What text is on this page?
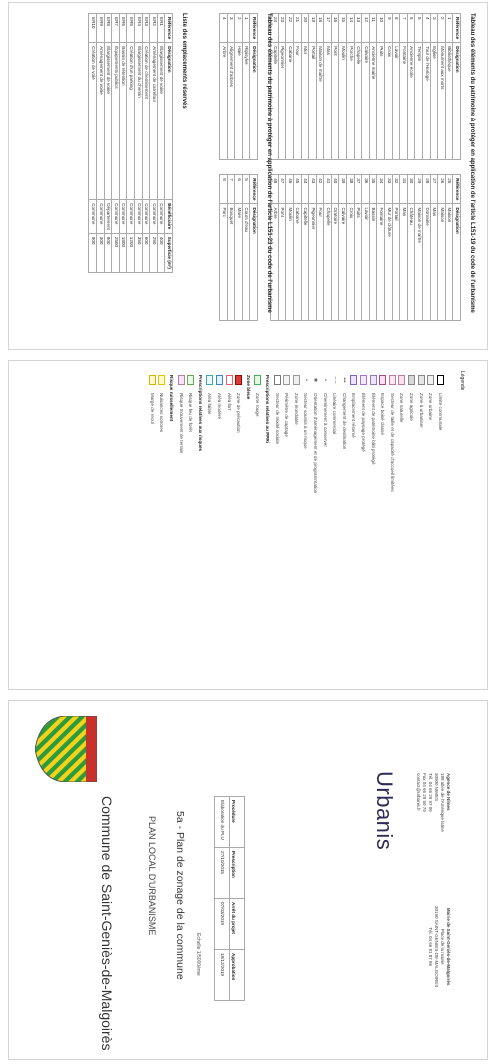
Tableau des éléments du patrimoine à protéger en application de l'article L151-19 du code de l'urbanisme
Référence	Désignation
1	Bibliothèque
2	Monument aux morts
3	Eglise
4	Tour de l'Horloge
5	Temple
6	Ancienne école
7	Fontaine
8	Lavoir
9	Croix
10	Puits
11	Ancienne mairie
12	Calvaire
13	Chapelle
14	Porche
15	Moulin
16	Pont
17	Mas
18	Maison de maître
19	Portail
20	Mur
21	Four
22	Cabane
23	Pigeonnier
24	Capitelle
Référence	Désignation
25	Maison
26	Maison
27	Mas
28	Domaine
29	Maison de maître
30	Château
31	Mas
32	Portail
33	Mur de clôture
34	Fontaine
35	Bassin
36	Lavoir
37	Puits
38	Croix
39	Calvaire
40	Oratoire
41	Chapelle
42	Four
43	Pigeonnier
44	Capitelle
45	Cabane
46	Moulin
47	Pont
48	Arbre
Tableau des éléments du patrimoine à protéger en application de l'article L151-23 du code de l'urbanisme
Référence	Désignation
1	Ripisylve
2	Haie
3	Alignement d'arbres
4	Arbre
Référence	Désignation
5	Cours d'eau
6	Mare
7	Bosquet
8	Parc
Liste des emplacements réservés
Référence	Désignation	Bénéficiaire	Superficie (m²)
ER1	Élargissement de voirie	Commune	400
ER2	Aménagement de carrefour	Commune	250
ER3	Création de cheminement	Commune	600
ER4	Élargissement du chemin	Commune	350
ER5	Création d'un parking	Commune	1200
ER6	Bassin de rétention	Commune	1800
ER7	Équipements publics	Commune	2500
ER8	Élargissement de voirie	Département	800
ER9	Aménagement de voirie	Commune	300
ER10	Création de voie	Commune	900
Légende
Limite communale
Zone urbaine
Zone à urbaniser
Zone agricole
Zone naturelle
Secteur de taille et de capacité d'accueil limitées
Espace boisé classé
Élément de patrimoine bâti protégé
Élément de paysage protégé
Emplacement réservé
•••
Changement de destination
– –
Linéaire commercial
•
Cheminement à conserver
✱
Orientation d'aménagement et de programmation
•
Secteur soumis à un risque
Zone inondable
Périmètre de captage
Secteur de mixité sociale
Prescriptions relatives au PPRi
Zone rouge
Zone bleue
Zone de précaution
Aléa fort
Aléa modéré
Aléa faible
Prescriptions relatives aux risques
Risque feu de forêt
Risque mouvement de terrain
Risque ruissellement
Nuisances sonores
Marge de recul
Commune de Saint-Geniès-de-Malgoirès	PLAN LOCAL D'URBANISME 5a - Plan de zonage de la commune Echelle 1/5000ème
Procédure	Prescription	Arrêt du projet	Approbation
Elaboration du PLU	27/10/2015	07/03/2019	19/12/2019
Urbanis	Agence de Nîmes
188 allée de l'Amérique latine
30900 NIMES
Tél. 04 66 29 97 06
Fax 04 66 29 50 79
contact@urbanis.fr
Mairie de Saint-Geniès-de-Malgoirès
Place de la mairie
30190 SAINT-GENIES-DE-MALGOIRES
Tél. 04 66 81 87 86
